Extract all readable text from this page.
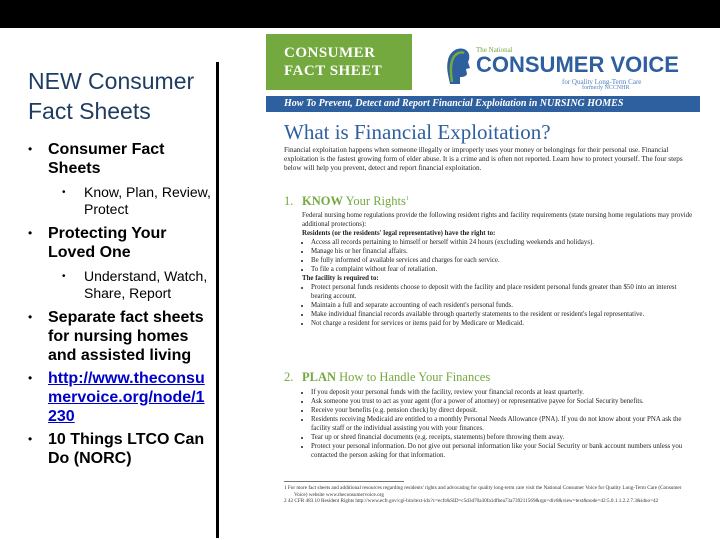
NEW Consumer Fact Sheets
• Consumer Fact Sheets
• Know, Plan, Review, Protect
• Protecting Your Loved One
• Understand, Watch, Share, Report
• Separate fact sheets for nursing homes and assisted living
• http://www.theconsumervoice.org/node/1230
• 10 Things LTCO Can Do (NORC)
CONSUMER FACT SHEET
The National
CONSUMER VOICE
for Quality Long-Term Care
formerly NCCNHR
How To Prevent, Detect and Report Financial Exploitation in NURSING HOMES
What is Financial Exploitation?
Financial exploitation happens when someone illegally or improperly uses your money or belongings for their personal use. Financial exploitation is the fastest growing form of elder abuse. It is a crime and is often not reported. Learn how to protect yourself. The four steps below will help you prevent, detect and report financial exploitation.
1. KNOW Your Rights$^1$
Federal nursing home regulations provide the following resident rights and facility requirements (state nursing home regulations may provide additional protections):
Residents (or the residents' legal representative) have the right to:
• Access all records pertaining to himself or herself within 24 hours (excluding weekends and holidays).
• Manage his or her financial affairs.
• Be fully informed of available services and charges for each service.
• To file a complaint without fear of retaliation.
The facility is required to:
• Protect personal funds residents choose to deposit with the facility and place resident personal funds greater than $50 into an interest bearing account.
• Maintain a full and separate accounting of each resident's personal funds.
• Make individual financial records available through quarterly statements to the resident or resident's legal representative.
• Not charge a resident for services or items paid for by Medicare or Medicaid.
2. PLAN How to Handle Your Finances
• If you deposit your personal funds with the facility, review your financial records at least quarterly.
• Ask someone you trust to act as your agent (for a power of attorney) or representative payee for Social Security benefits.
• Receive your benefits (e.g. pension check) by direct deposit.
• Residents receiving Medicaid are entitled to a monthly Personal Needs Allowance (PNA). If you do not know about your PNA ask the facility staff or the individual assisting you with your finances.
• Tear up or shred financial documents (e.g. receipts, statements) before throwing them away.
• Protect your personal information. Do not give out personal information like your Social Security or bank account numbers unless you contacted the person asking for that information.
1 For more fact sheets and additional resources regarding residents' rights and advocating for quality long-term care visit the National Consumer Voice for Quality Long-Term Care (Consumer Voice) website www.theconsumervoice.org
2 42 CFR 483.10 Resident Rights http://www.ecfr.gov/cgi-bin/text-idx?c=ecfr&SID=c5d3d70a30fa1dfbea73a739211569&rgn=div8&view=text&node=42:5.0.1.1.2.2.7.3&idno=42
